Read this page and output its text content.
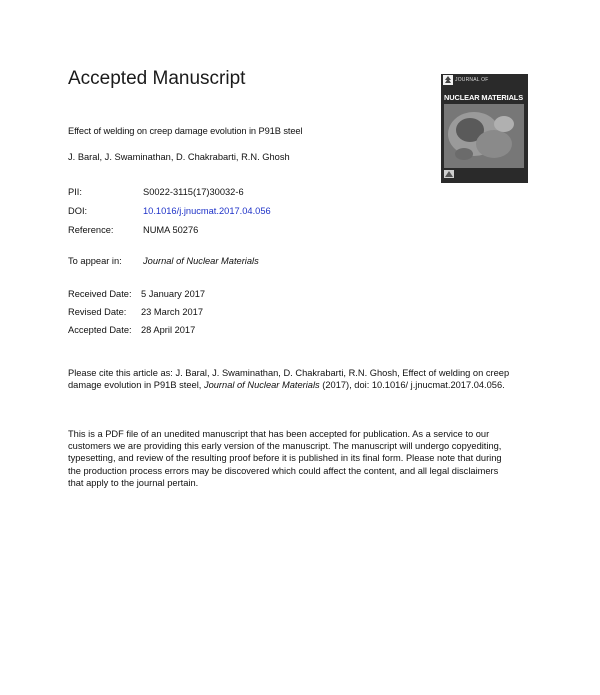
Accepted Manuscript	JOURNAL OF
NUCLEAR MATERIALS
Effect of welding on creep damage evolution in P91B steel
J. Baral, J. Swaminathan, D. Chakrabarti, R.N. Ghosh
PII:	S0022-3115(17)30032-6
DOI:	10.1016/j.jnucmat.2017.04.056
Reference:	NUMA 50276
To appear in: Journal of Nuclear Materials
Received Date: 5 January 2017
Revised Date: 23 March 2017
Accepted Date: 28 April 2017
Please cite this article as: J. Baral, J. Swaminathan, D. Chakrabarti, R.N. Ghosh, Effect of welding on creep damage evolution in P91B steel, Journal of Nuclear Materials (2017), doi: 10.1016/ j.jnucmat.2017.04.056.
This is a PDF file of an unedited manuscript that has been accepted for publication. As a service to our customers we are providing this early version of the manuscript. The manuscript will undergo copyediting, typesetting, and review of the resulting proof before it is published in its final form. Please note that during the production process errors may be discovered which could affect the content, and all legal disclaimers that apply to the journal pertain.
